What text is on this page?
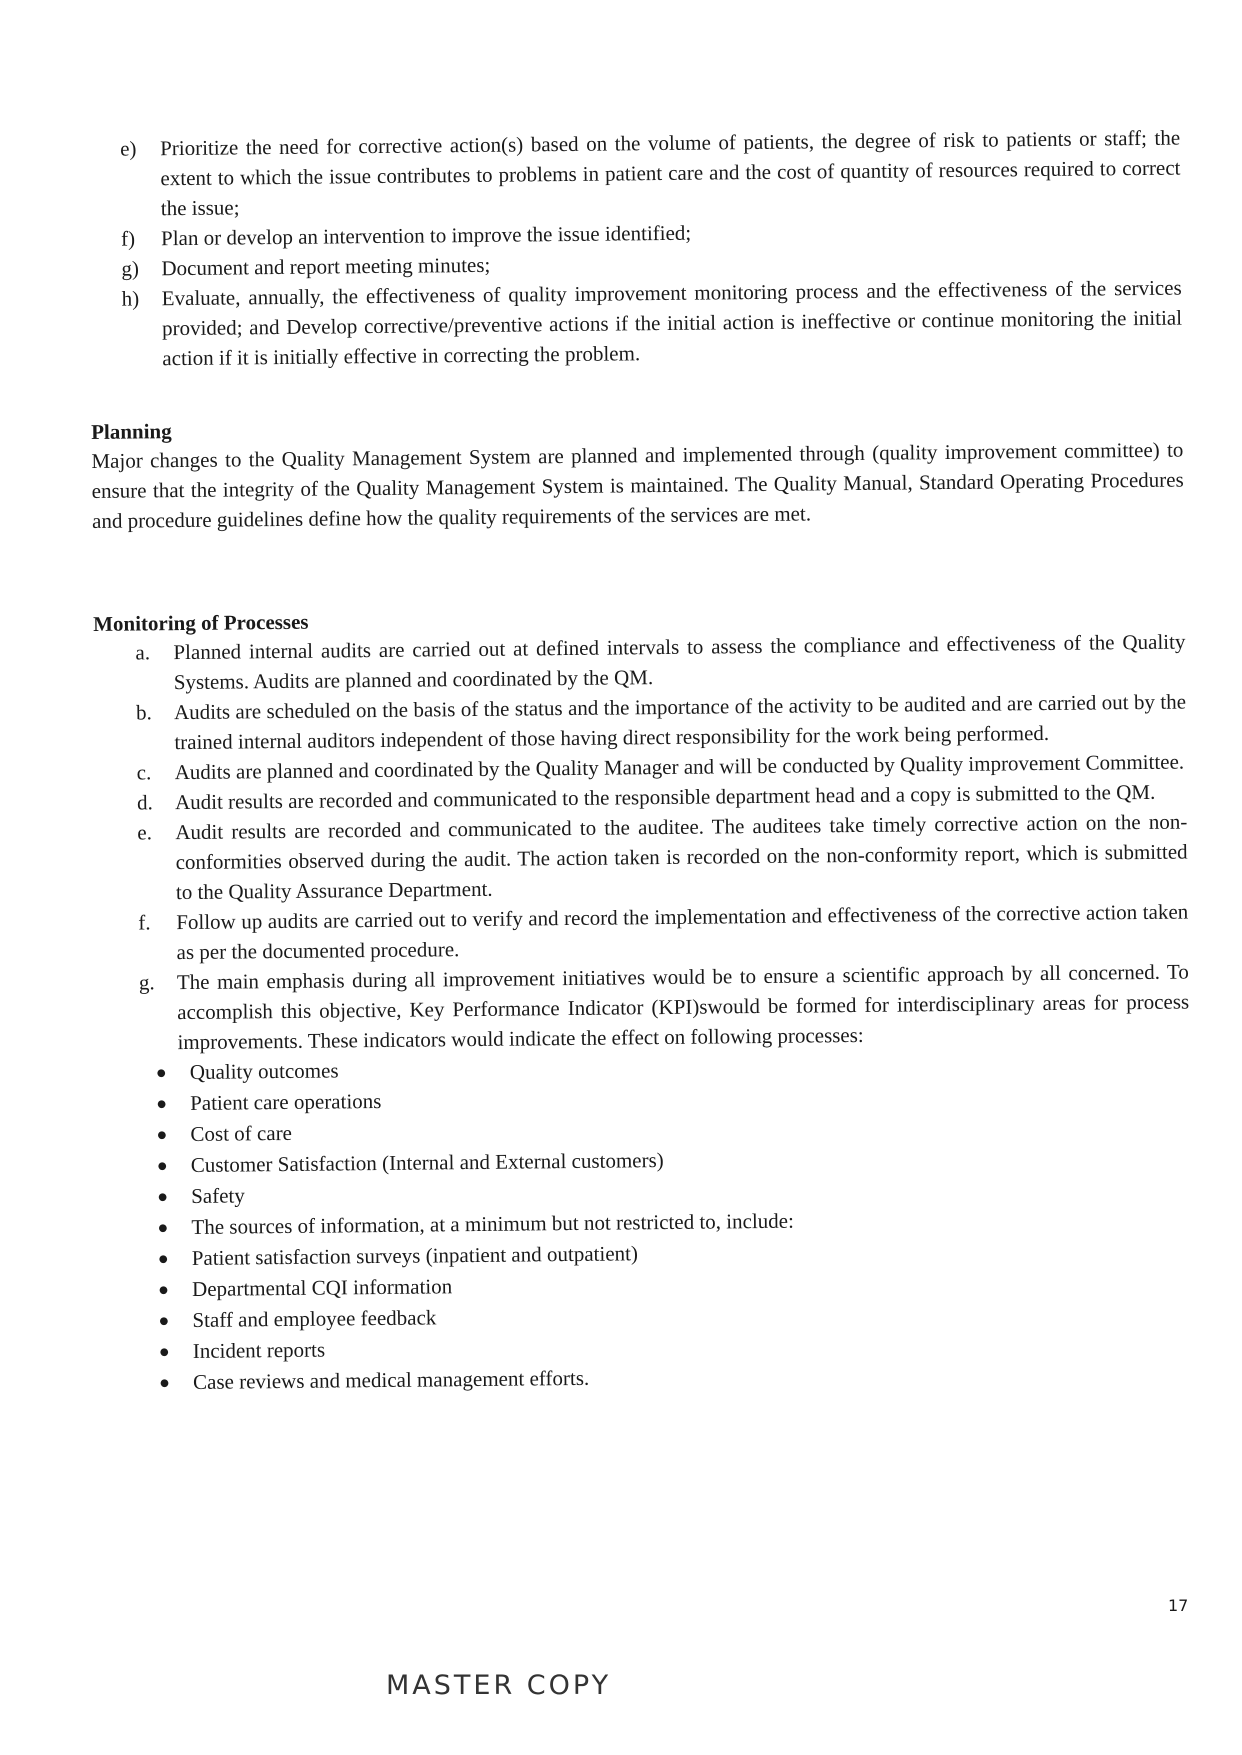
e) Prioritize the need for corrective action(s) based on the volume of patients, the degree of risk to patients or staff; the extent to which the issue contributes to problems in patient care and the cost of quantity of resources required to correct the issue;
f) Plan or develop an intervention to improve the issue identified;
g) Document and report meeting minutes;
h) Evaluate, annually, the effectiveness of quality improvement monitoring process and the effectiveness of the services provided; and Develop corrective/preventive actions if the initial action is ineffective or continue monitoring the initial action if it is initially effective in correcting the problem.

Planning

Major changes to the Quality Management System are planned and implemented through (quality improvement committee) to ensure that the integrity of the Quality Management System is maintained. The Quality Manual, Standard Operating Procedures and procedure guidelines define how the quality requirements of the services are met.

Monitoring of Processes

a. Planned internal audits are carried out at defined intervals to assess the compliance and effectiveness of the Quality Systems. Audits are planned and coordinated by the QM.
b. Audits are scheduled on the basis of the status and the importance of the activity to be audited and are carried out by the trained internal auditors independent of those having direct responsibility for the work being performed.
c. Audits are planned and coordinated by the Quality Manager and will be conducted by Quality improvement Committee.
d. Audit results are recorded and communicated to the responsible department head and a copy is submitted to the QM.
e. Audit results are recorded and communicated to the auditee. The auditees take timely corrective action on the non-conformities observed during the audit. The action taken is recorded on the non-conformity report, which is submitted to the Quality Assurance Department.
f. Follow up audits are carried out to verify and record the implementation and effectiveness of the corrective action taken as per the documented procedure.
g. The main emphasis during all improvement initiatives would be to ensure a scientific approach by all concerned. To accomplish this objective, Key Performance Indicator (KPI)swould be formed for interdisciplinary areas for process improvements. These indicators would indicate the effect on following processes:
● Quality outcomes
● Patient care operations
● Cost of care
● Customer Satisfaction (Internal and External customers)
● Safety
● The sources of information, at a minimum but not restricted to, include:
● Patient satisfaction surveys (inpatient and outpatient)
● Departmental CQI information
● Staff and employee feedback
● Incident reports
● Case reviews and medical management efforts.
17
MASTER COPY
